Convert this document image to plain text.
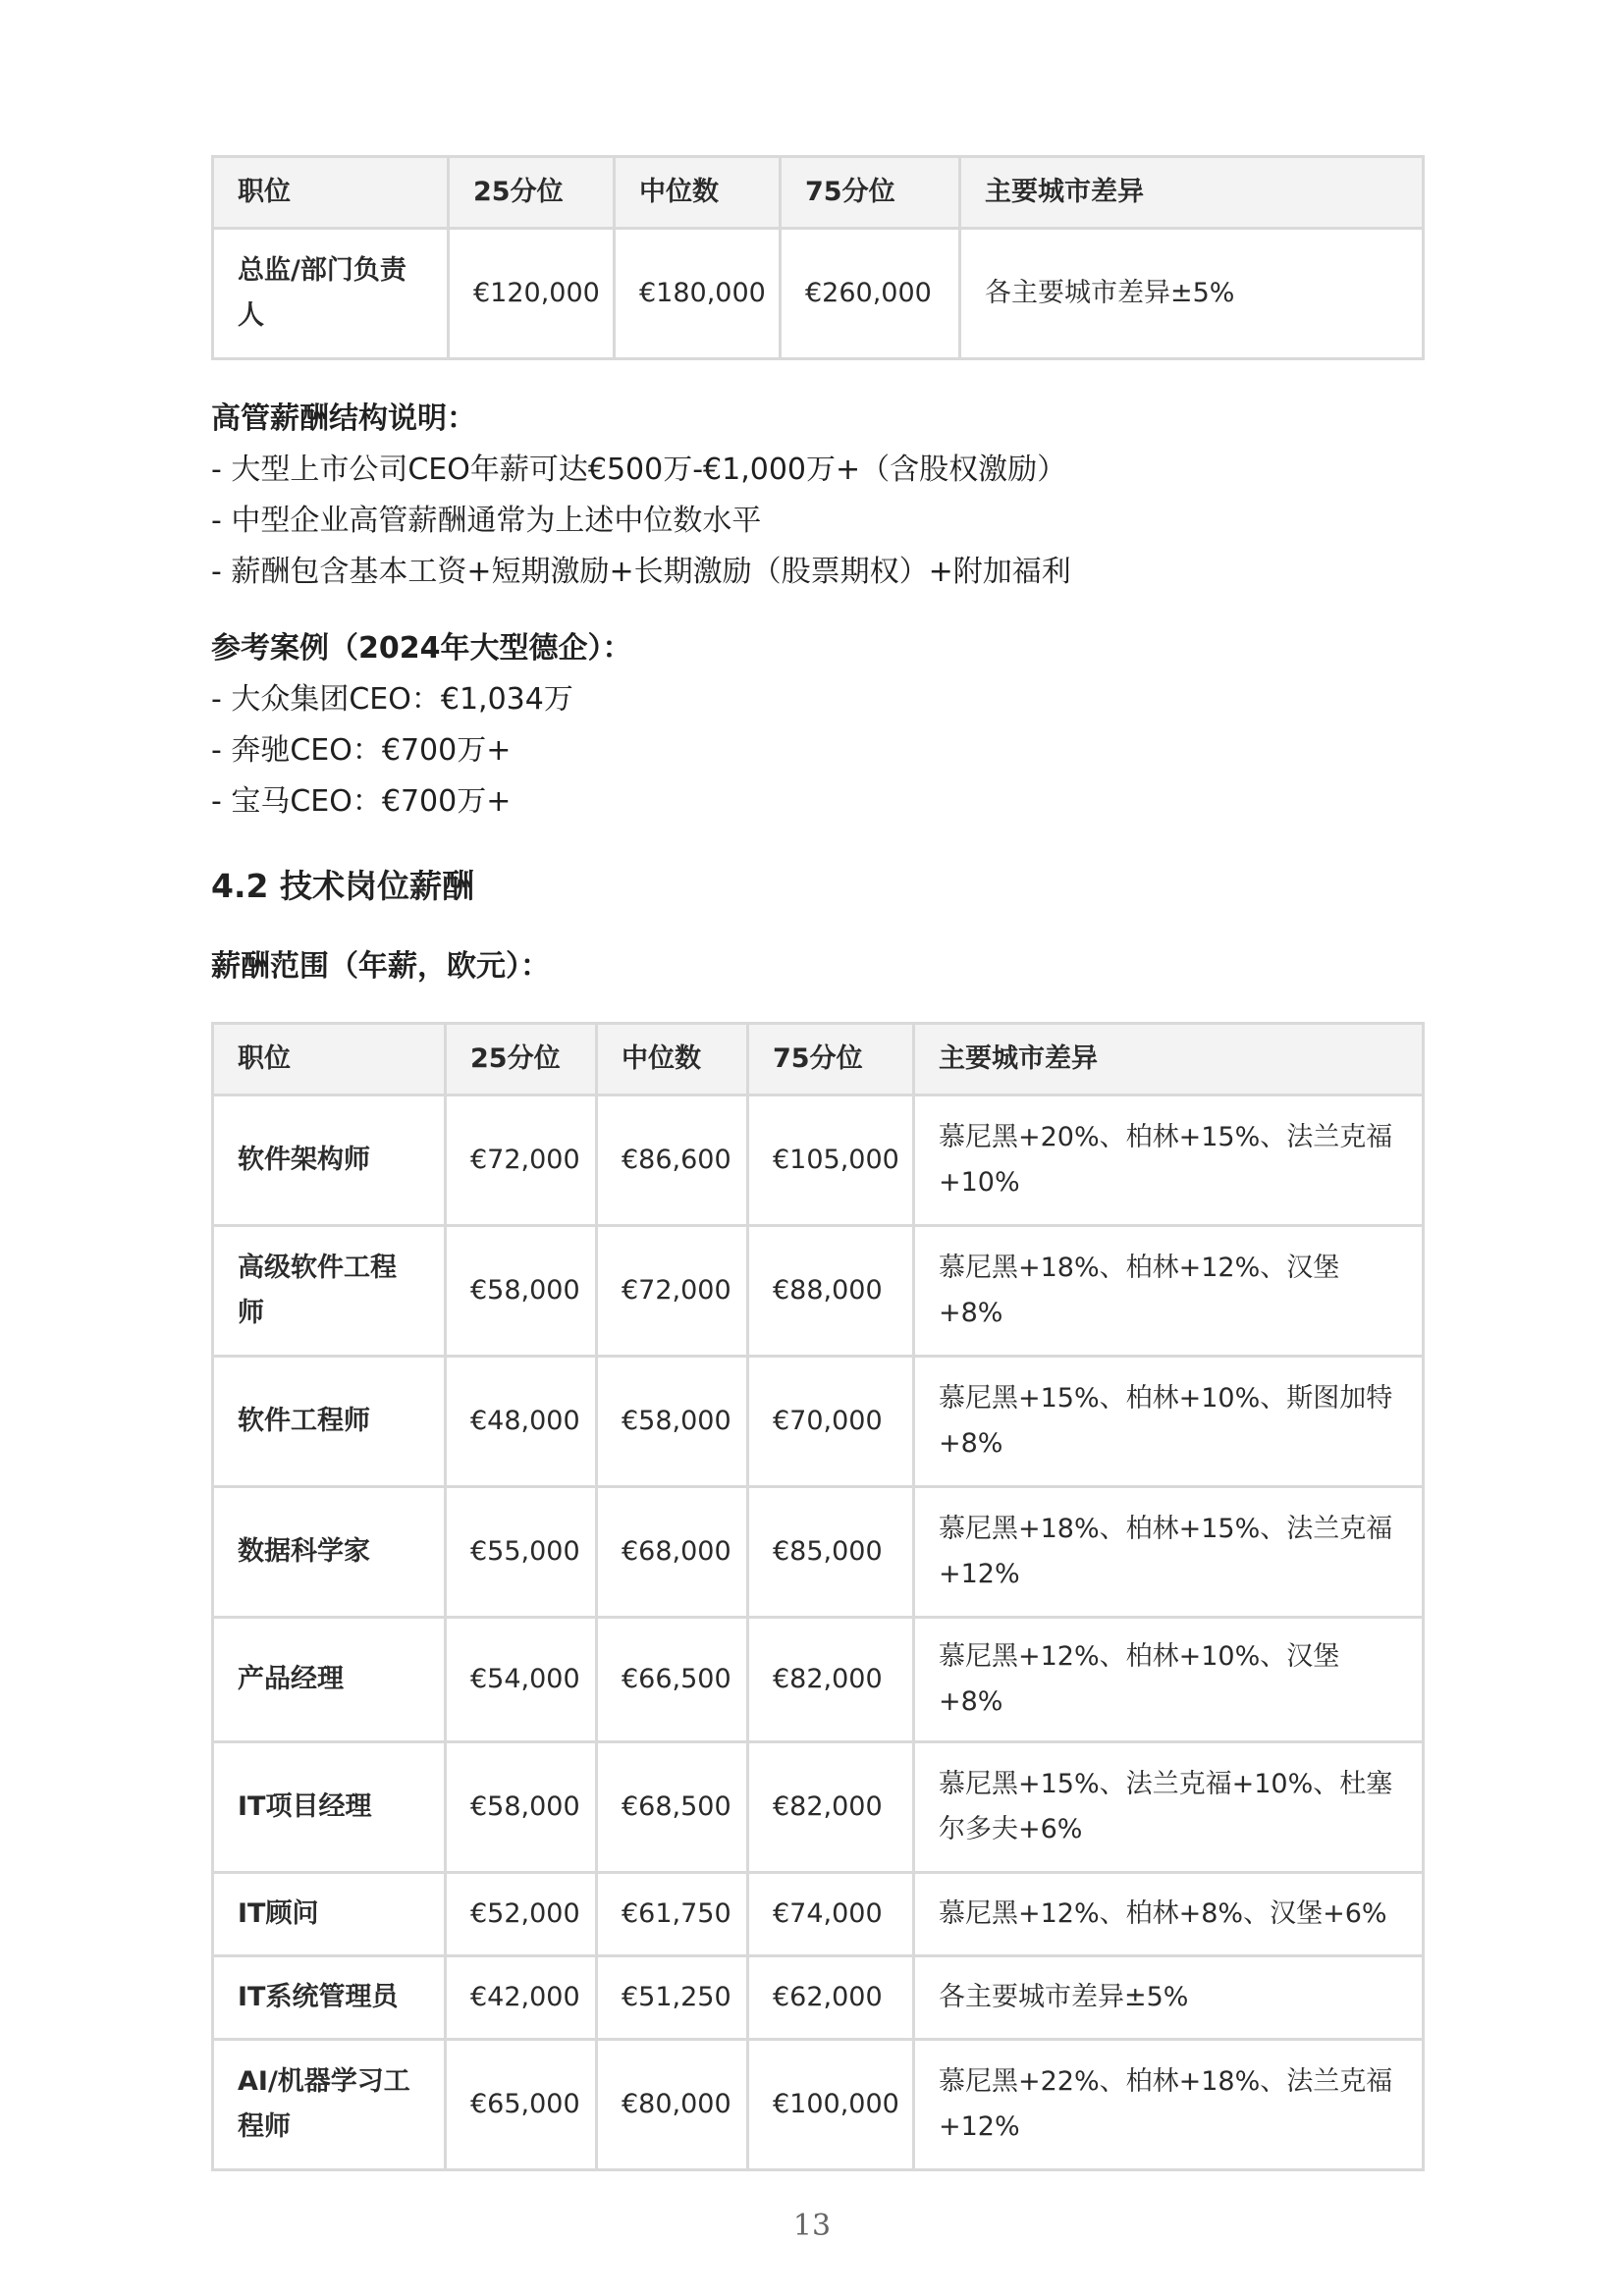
职位	25分位	中位数	75分位	主要城市差异
总监/部门负责人	€120,000	€180,000	€260,000	各主要城市差异±5%
高管薪酬结构说明：
- 大型上市公司CEO年薪可达€500万-€1,000万+（含股权激励）
- 中型企业高管薪酬通常为上述中位数水平
- 薪酬包含基本工资+短期激励+长期激励（股票期权）+附加福利
参考案例（2024年大型德企）：
- 大众集团CEO：€1,034万
- 奔驰CEO：€700万+
- 宝马CEO：€700万+
4.2 技术岗位薪酬
薪酬范围（年薪，欧元）：
职位	25分位	中位数	75分位	主要城市差异
软件架构师	€72,000	€86,600	€105,000	慕尼黑+20%、柏林+15%、法兰克福+10%
高级软件工程师	€58,000	€72,000	€88,000	慕尼黑+18%、柏林+12%、汉堡+8%
软件工程师	€48,000	€58,000	€70,000	慕尼黑+15%、柏林+10%、斯图加特+8%
数据科学家	€55,000	€68,000	€85,000	慕尼黑+18%、柏林+15%、法兰克福+12%
产品经理	€54,000	€66,500	€82,000	慕尼黑+12%、柏林+10%、汉堡+8%
IT项目经理	€58,000	€68,500	€82,000	慕尼黑+15%、法兰克福+10%、杜塞尔多夫+6%
IT顾问	€52,000	€61,750	€74,000	慕尼黑+12%、柏林+8%、汉堡+6%
IT系统管理员	€42,000	€51,250	€62,000	各主要城市差异±5%
AI/机器学习工程师	€65,000	€80,000	€100,000	慕尼黑+22%、柏林+18%、法兰克福+12%
13
